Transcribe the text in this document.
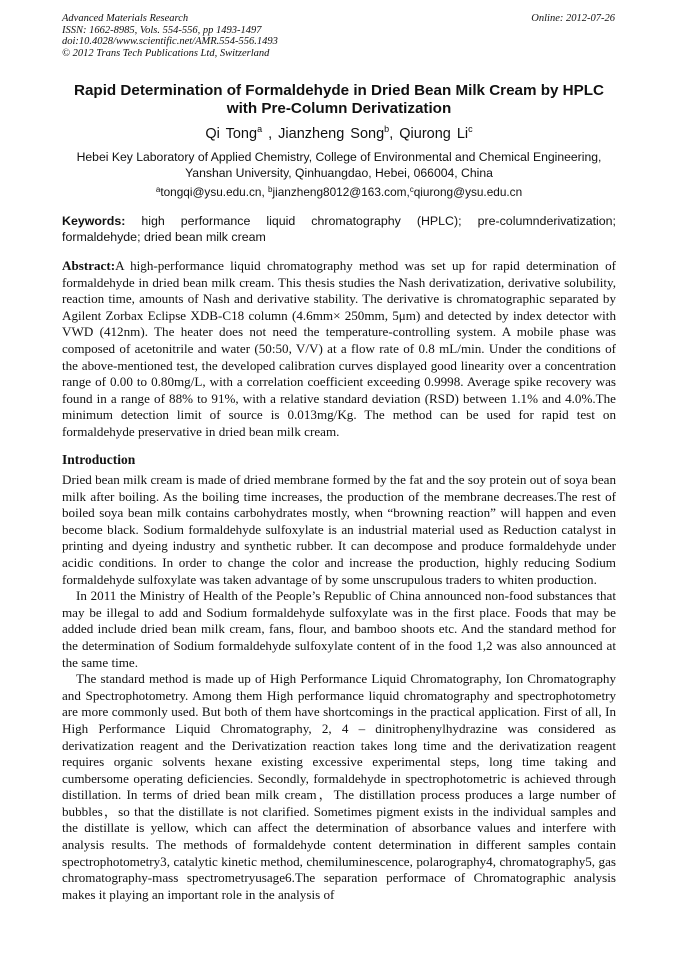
Advanced Materials Research
ISSN: 1662-8985, Vols. 554-556, pp 1493-1497
doi:10.4028/www.scientific.net/AMR.554-556.1493
© 2012 Trans Tech Publications Ltd, Switzerland
Online: 2012-07-26
Rapid Determination of Formaldehyde in Dried Bean Milk Cream by HPLC with Pre-Column Derivatization
Qi Tong$^a$ , Jianzheng Song$^b$, Qiurong Li$^c$
Hebei Key Laboratory of Applied Chemistry, College of Environmental and Chemical Engineering, Yanshan University, Qinhuangdao, Hebei, 066004, China
$^a$tongqi@ysu.edu.cn, $^b$jianzheng8012@163.com,$^c$qiurong@ysu.edu.cn
Keywords: high performance liquid chromatography (HPLC); pre-columnderivatization; formaldehyde; dried bean milk cream
Abstract:A high-performance liquid chromatography method was set up for rapid determination of formaldehyde in dried bean milk cream. This thesis studies the Nash derivatization, derivative solubility, reaction time, amounts of Nash and derivative stability. The derivative is chromatographic separated by Agilent Zorbax Eclipse XDB-C18 column (4.6mm× 250mm, 5μm) and detected by index detector with VWD (412nm). The heater does not need the temperature-controlling system. A mobile phase was composed of acetonitrile and water (50:50, V/V) at a flow rate of 0.8 mL/min. Under the conditions of the above-mentioned test, the developed calibration curves displayed good linearity over a concentration range of 0.00 to 0.80mg/L, with a correlation coefficient exceeding 0.9998. Average spike recovery was found in a range of 88% to 91%, with a relative standard deviation (RSD) between 1.1% and 4.0%.The minimum detection limit of source is 0.013mg/Kg. The method can be used for rapid test on formaldehyde preservative in dried bean milk cream.
Introduction

Dried bean milk cream is made of dried membrane formed by the fat and the soy protein out of soya bean milk after boiling. As the boiling time increases, the production of the membrane decreases.The rest of boiled soya bean milk contains carbohydrates mostly, when “browning reaction” will happen and even become black. Sodium formaldehyde sulfoxylate is an industrial material used as Reduction catalyst in printing and dyeing industry and synthetic rubber. It can decompose and produce formaldehyde under acidic conditions. In order to change the color and increase the production, highly reducing Sodium formaldehyde sulfoxylate was taken advantage of by some unscrupulous traders to whiten production.

In 2011 the Ministry of Health of the People’s Republic of China announced non-food substances that may be illegal to add and Sodium formaldehyde sulfoxylate was in the first place. Foods that may be added include dried bean milk cream, fans, flour, and bamboo shoots etc. And the standard method for the determination of Sodium formaldehyde sulfoxylate content of in the food 1,2 was also announced at the same time.

The standard method is made up of High Performance Liquid Chromatography, Ion Chromatography and Spectrophotometry. Among them High performance liquid chromatography and spectrophotometry are more commonly used. But both of them have shortcomings in the practical application. First of all, In High Performance Liquid Chromatography, 2, 4 – dinitrophenylhydrazine was considered as derivatization reagent and the Derivatization reaction takes long time and the derivatization reagent requires organic solvents hexane existing excessive experimental steps, long time taking and cumbersome operating deficiencies. Secondly, formaldehyde in spectrophotometric is achieved through distillation. In terms of dried bean milk cream，The distillation process produces a large number of bubbles，so that the distillate is not clarified. Sometimes pigment exists in the individual samples and the distillate is yellow, which can affect the determination of absorbance values and interfere with analysis results. The methods of formaldehyde content determination in different samples contain spectrophotometry3, catalytic kinetic method, chemiluminescence, polarography4, chromatography5, gas chromatography-mass spectrometryusage6.The separation performace of Chromatographic analysis makes it playing an important role in the analysis of
